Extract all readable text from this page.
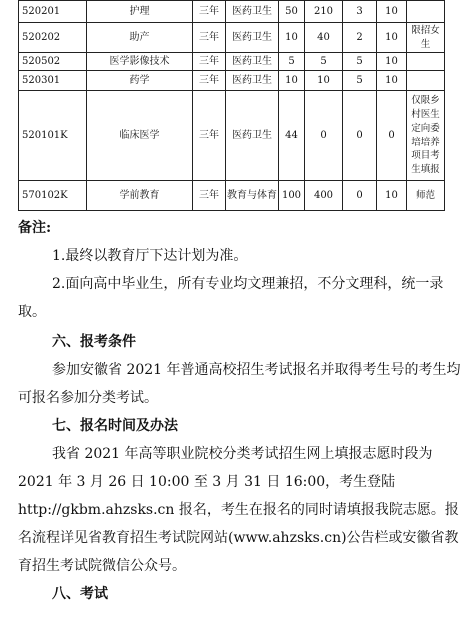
520201	护理	三年	医药卫生	50	210	3	10	
520202	助产	三年	医药卫生	10	40	2	10	限招女生
520502	医学影像技术	三年	医药卫生	5	5	5	10	
520301	药学	三年	医药卫生	10	10	5	10	
520101K	临床医学	三年	医药卫生	44	0	0	0	仅限乡村医生定向委培培养项目考生填报
570102K	学前教育	三年	教育与体育	100	400	0	10	师范

备注:

1.最终以教育厅下达计划为准。

2.面向高中毕业生，所有专业均文理兼招，不分文理科，统一录取。

六、报考条件

参加安徽省 2021 年普通高校招生考试报名并取得考生号的考生均可报名参加分类考试。

七、报名时间及办法

我省 2021 年高等职业院校分类考试招生网上填报志愿时段为 2021 年 3 月 26 日 10:00 至 3 月 31 日 16:00，考生登陆 http://gkbm.ahzsks.cn 报名，考生在报名的同时请填报我院志愿。报名流程详见省教育招生考试院网站(www.ahzsks.cn)公告栏或安徽省教育招生考试院微信公众号。

八、考试
